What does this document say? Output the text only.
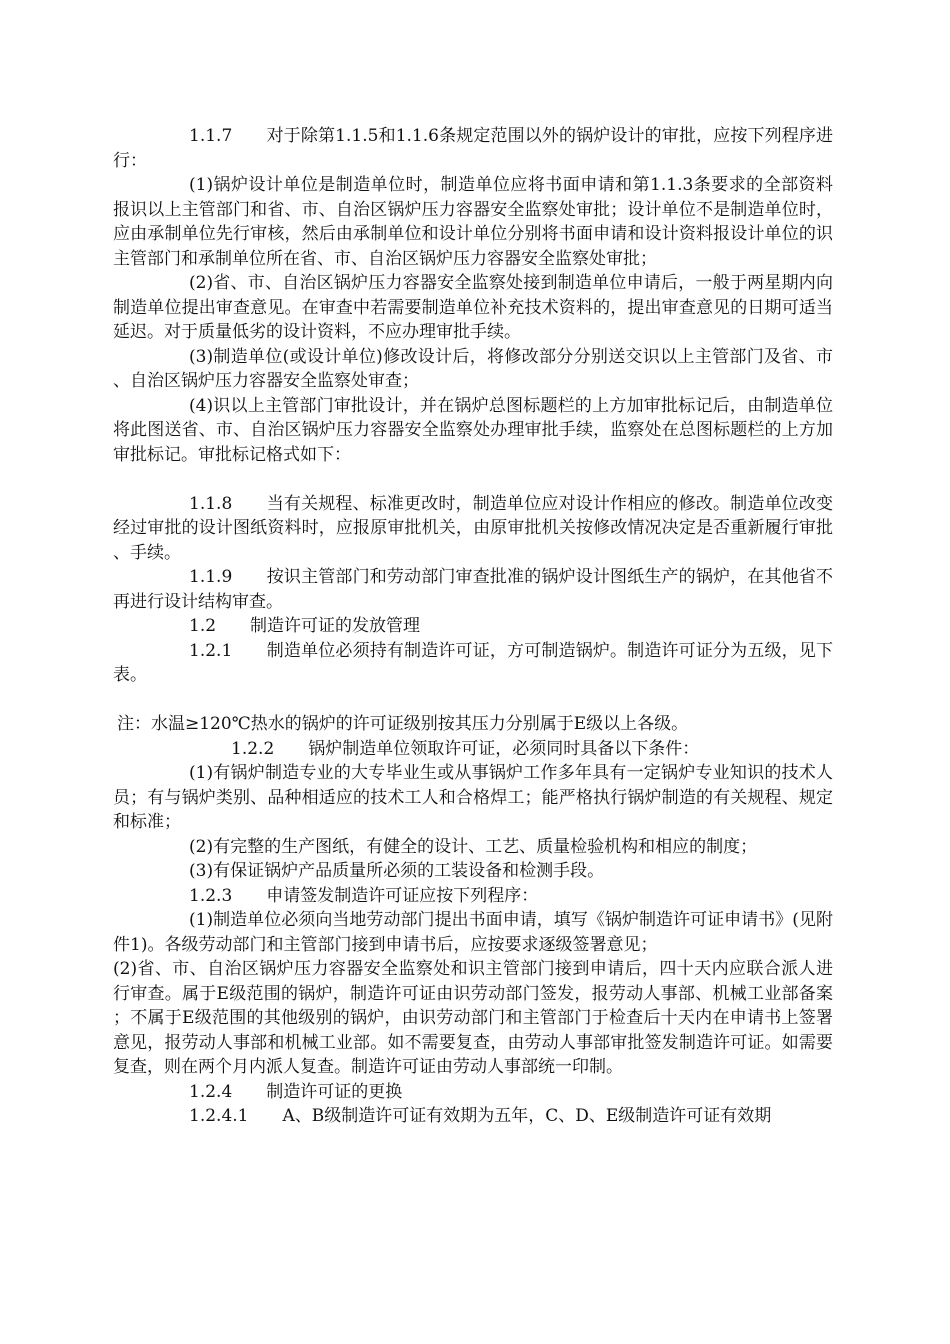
1.1.7　　对于除第1.1.5和1.1.6条规定范围以外的锅炉设计的审批，应按下列程序进行：

(1)锅炉设计单位是制造单位时，制造单位应将书面申请和第1.1.3条要求的全部资料报识以上主管部门和省、市、自治区锅炉压力容器安全监察处审批；设计单位不是制造单位时，应由承制单位先行审核，然后由承制单位和设计单位分别将书面申请和设计资料报设计单位的识主管部门和承制单位所在省、市、自治区锅炉压力容器安全监察处审批；

(2)省、市、自治区锅炉压力容器安全监察处接到制造单位申请后，一般于两星期内向制造单位提出审查意见。在审查中若需要制造单位补充技术资料的，提出审查意见的日期可适当延迟。对于质量低劣的设计资料，不应办理审批手续。

(3)制造单位(或设计单位)修改设计后，将修改部分分别送交识以上主管部门及省、市、自治区锅炉压力容器安全监察处审查；

(4)识以上主管部门审批设计，并在锅炉总图标题栏的上方加审批标记后，由制造单位将此图送省、市、自治区锅炉压力容器安全监察处办理审批手续，监察处在总图标题栏的上方加审批标记。审批标记格式如下：

1.1.8　　当有关规程、标准更改时，制造单位应对设计作相应的修改。制造单位改变经过审批的设计图纸资料时，应报原审批机关，由原审批机关按修改情况决定是否重新履行审批、手续。

1.1.9　　按识主管部门和劳动部门审查批准的锅炉设计图纸生产的锅炉，在其他省不再进行设计结构审查。

1.2　　制造许可证的发放管理

1.2.1　　制造单位必须持有制造许可证，方可制造锅炉。制造许可证分为五级，见下表。

注：水温≥120℃热水的锅炉的许可证级别按其压力分别属于E级以上各级。

1.2.2　　锅炉制造单位领取许可证，必须同时具备以下条件：

(1)有锅炉制造专业的大专毕业生或从事锅炉工作多年具有一定锅炉专业知识的技术人员；有与锅炉类别、品种相适应的技术工人和合格焊工；能严格执行锅炉制造的有关规程、规定和标准；

(2)有完整的生产图纸，有健全的设计、工艺、质量检验机构和相应的制度；

(3)有保证锅炉产品质量所必须的工装设备和检测手段。

1.2.3　　申请签发制造许可证应按下列程序：

(1)制造单位必须向当地劳动部门提出书面申请，填写《锅炉制造许可证申请书》(见附件1)。各级劳动部门和主管部门接到申请书后，应按要求逐级签署意见；

(2)省、市、自治区锅炉压力容器安全监察处和识主管部门接到申请后，四十天内应联合派人进行审查。属于E级范围的锅炉，制造许可证由识劳动部门签发，报劳动人事部、机械工业部备案；不属于E级范围的其他级别的锅炉，由识劳动部门和主管部门于检查后十天内在申请书上签署意见，报劳动人事部和机械工业部。如不需要复查，由劳动人事部审批签发制造许可证。如需要复查，则在两个月内派人复查。制造许可证由劳动人事部统一印制。

1.2.4　　制造许可证的更换

1.2.4.1　　A、B级制造许可证有效期为五年，C、D、E级制造许可证有效期
